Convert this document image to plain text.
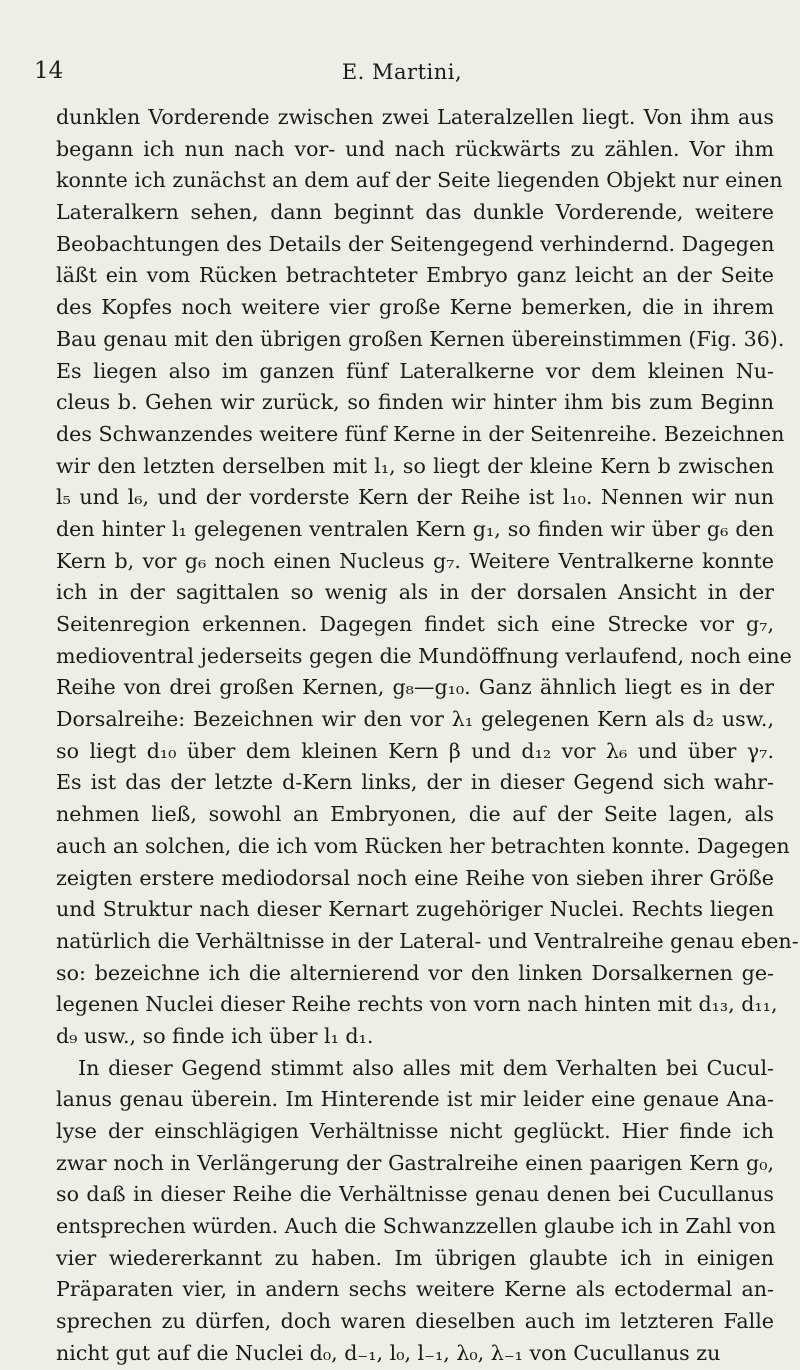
14	E. Martini,
dunklen Vorderende zwischen zwei Lateralzellen liegt. Von ihm aus
begann ich nun nach vor- und nach rückwärts zu zählen. Vor ihm
konnte ich zunächst an dem auf der Seite liegenden Objekt nur einen
Lateralkern sehen, dann beginnt das dunkle Vorderende, weitere
Beobachtungen des Details der Seitengegend verhindernd. Dagegen
läßt ein vom Rücken betrachteter Embryo ganz leicht an der Seite
des Kopfes noch weitere vier große Kerne bemerken, die in ihrem
Bau genau mit den übrigen großen Kernen übereinstimmen (Fig. 36).
Es liegen also im ganzen fünf Lateralkerne vor dem kleinen Nu-
cleus b. Gehen wir zurück, so finden wir hinter ihm bis zum Beginn
des Schwanzendes weitere fünf Kerne in der Seitenreihe. Bezeichnen
wir den letzten derselben mit l₁, so liegt der kleine Kern b zwischen
l₅ und l₆, und der vorderste Kern der Reihe ist l₁₀. Nennen wir nun
den hinter l₁ gelegenen ventralen Kern g₁, so finden wir über g₆ den
Kern b, vor g₆ noch einen Nucleus g₇. Weitere Ventralkerne konnte
ich in der sagittalen so wenig als in der dorsalen Ansicht in der
Seitenregion erkennen. Dagegen findet sich eine Strecke vor g₇,
medioventral jederseits gegen die Mundöffnung verlaufend, noch eine
Reihe von drei großen Kernen, g₈—g₁₀. Ganz ähnlich liegt es in der
Dorsalreihe: Bezeichnen wir den vor λ₁ gelegenen Kern als d₂ usw.,
so liegt d₁₀ über dem kleinen Kern β und d₁₂ vor λ₆ und über γ₇.
Es ist das der letzte d-Kern links, der in dieser Gegend sich wahr-
nehmen ließ, sowohl an Embryonen, die auf der Seite lagen, als
auch an solchen, die ich vom Rücken her betrachten konnte. Dagegen
zeigten erstere mediodorsal noch eine Reihe von sieben ihrer Größe
und Struktur nach dieser Kernart zugehöriger Nuclei. Rechts liegen
natürlich die Verhältnisse in der Lateral- und Ventralreihe genau eben-
so: bezeichne ich die alternierend vor den linken Dorsalkernen ge-
legenen Nuclei dieser Reihe rechts von vorn nach hinten mit d₁₃, d₁₁,
d₉ usw., so finde ich über l₁ d₁.
In dieser Gegend stimmt also alles mit dem Verhalten bei Cucul-
lanus genau überein. Im Hinterende ist mir leider eine genaue Ana-
lyse der einschlägigen Verhältnisse nicht geglückt. Hier finde ich
zwar noch in Verlängerung der Gastralreihe einen paarigen Kern g₀,
so daß in dieser Reihe die Verhältnisse genau denen bei Cucullanus
entsprechen würden. Auch die Schwanzzellen glaube ich in Zahl von
vier wiedererkannt zu haben. Im übrigen glaubte ich in einigen
Präparaten vier, in andern sechs weitere Kerne als ectodermal an-
sprechen zu dürfen, doch waren dieselben auch im letzteren Falle
nicht gut auf die Nuclei d₀, d₋₁, l₀, l₋₁, λ₀, λ₋₁ von Cucullanus zu
